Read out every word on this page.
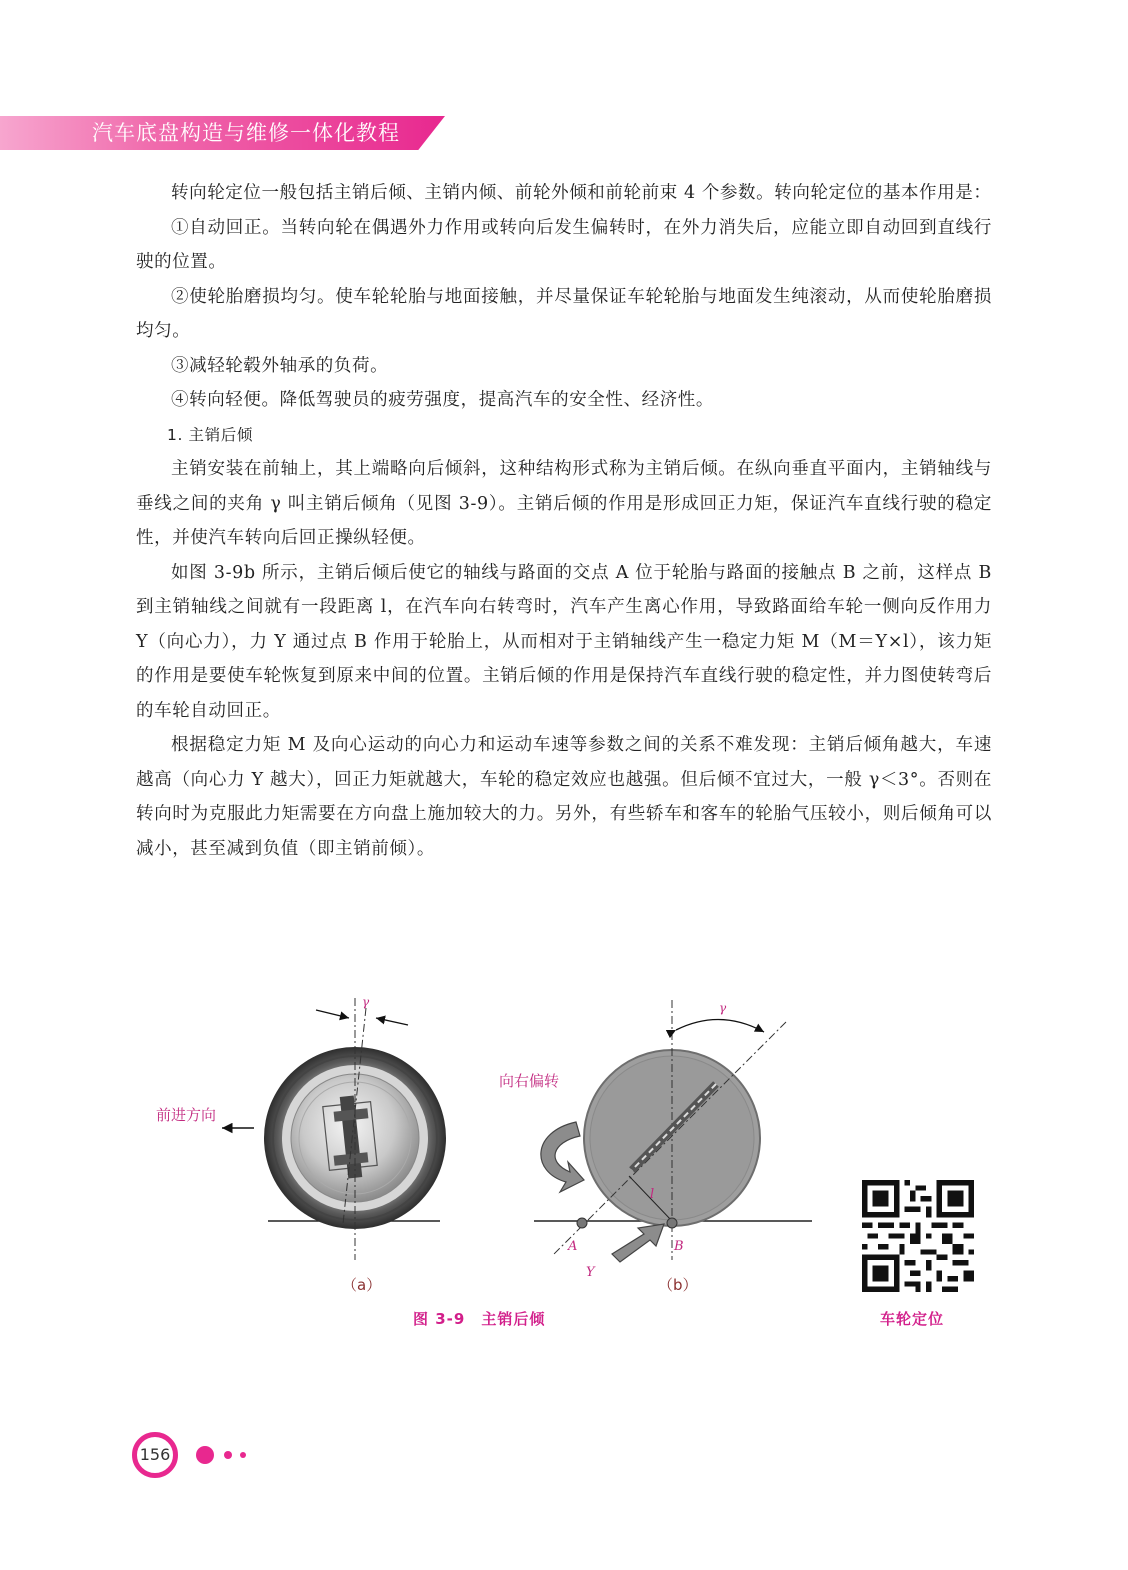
汽车底盘构造与维修一体化教程

转向轮定位一般包括主销后倾、主销内倾、前轮外倾和前轮前束 4 个参数。转向轮定位的基本作用是：

①自动回正。当转向轮在偶遇外力作用或转向后发生偏转时，在外力消失后，应能立即自动回到直线行驶的位置。

②使轮胎磨损均匀。使车轮轮胎与地面接触，并尽量保证车轮轮胎与地面发生纯滚动，从而使轮胎磨损均匀。

③减轻轮毂外轴承的负荷。

④转向轻便。降低驾驶员的疲劳强度，提高汽车的安全性、经济性。

1. 主销后倾

主销安装在前轴上，其上端略向后倾斜，这种结构形式称为主销后倾。在纵向垂直平面内，主销轴线与垂线之间的夹角 γ 叫主销后倾角（见图 3-9）。主销后倾的作用是形成回正力矩，保证汽车直线行驶的稳定性，并使汽车转向后回正操纵轻便。

如图 3-9b 所示，主销后倾后使它的轴线与路面的交点 A 位于轮胎与路面的接触点 B 之前，这样点 B 到主销轴线之间就有一段距离 l，在汽车向右转弯时，汽车产生离心作用，导致路面给车轮一侧向反作用力 Y（向心力），力 Y 通过点 B 作用于轮胎上，从而相对于主销轴线产生一稳定力矩 M（M＝Y×l），该力矩的作用是要使车轮恢复到原来中间的位置。主销后倾的作用是保持汽车直线行驶的稳定性，并力图使转弯后的车轮自动回正。

根据稳定力矩 M 及向心运动的向心力和运动车速等参数之间的关系不难发现：主销后倾角越大，车速越高（向心力 Y 越大），回正力矩就越大，车轮的稳定效应也越强。但后倾不宜过大，一般 γ＜3°。否则在转向时为克服此力矩需要在方向盘上施加较大的力。另外，有些轿车和客车的轮胎气压较小，则后倾角可以减小，甚至减到负值（即主销前倾）。

γ
前进方向
（a）
γ
向右偏转
l
A	B
Y
（b）
图 3-9　主销后倾	车轮定位
156
